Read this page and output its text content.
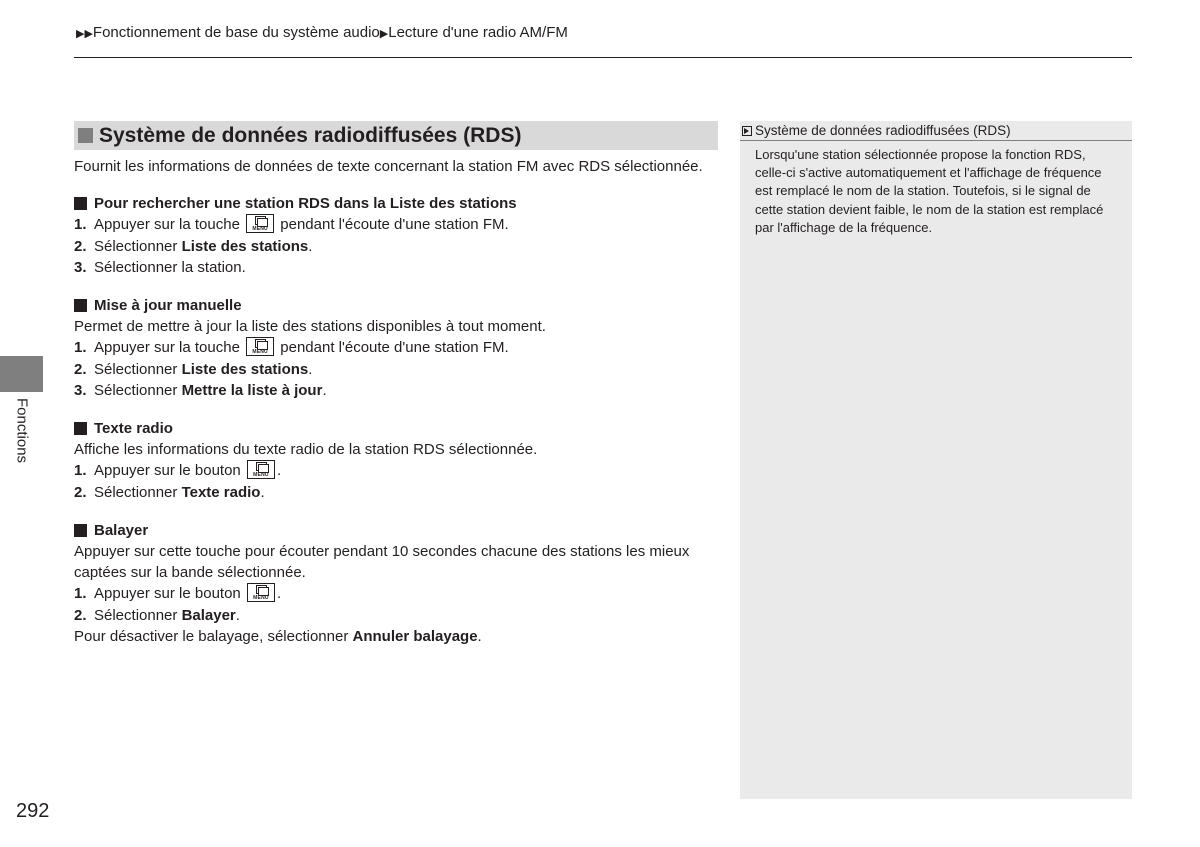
▶▶Fonctionnement de base du système audio▶Lecture d'une radio AM/FM
Système de données radiodiffusées (RDS)

Fournit les informations de données de texte concernant la station FM avec RDS sélectionnée.

Pour rechercher une station RDS dans la Liste des stations

1. Appuyer sur la touche	MENU pendant l'écoute d'une station FM.

2. Sélectionner Liste des stations.

3. Sélectionner la station.

Mise à jour manuelle

Permet de mettre à jour la liste des stations disponibles à tout moment.

1. Appuyer sur la touche	MENU pendant l'écoute d'une station FM.

2. Sélectionner Liste des stations.

3. Sélectionner Mettre la liste à jour.

Texte radio

Affiche les informations du texte radio de la station RDS sélectionnée.

1. Appuyer sur le bouton	MENU .

2. Sélectionner Texte radio.

Balayer

Appuyer sur cette touche pour écouter pendant 10 secondes chacune des stations les mieux

captées sur la bande sélectionnée.

1. Appuyer sur le bouton	MENU .

2. Sélectionner Balayer.

Pour désactiver le balayage, sélectionner Annuler balayage.

Fonctions
292
Système de données radiodiffusées (RDS)
Lorsqu'une station sélectionnée propose la fonction RDS,
celle-ci s'active automatiquement et l'affichage de fréquence
est remplacé le nom de la station. Toutefois, si le signal de
cette station devient faible, le nom de la station est remplacé
par l'affichage de la fréquence.
